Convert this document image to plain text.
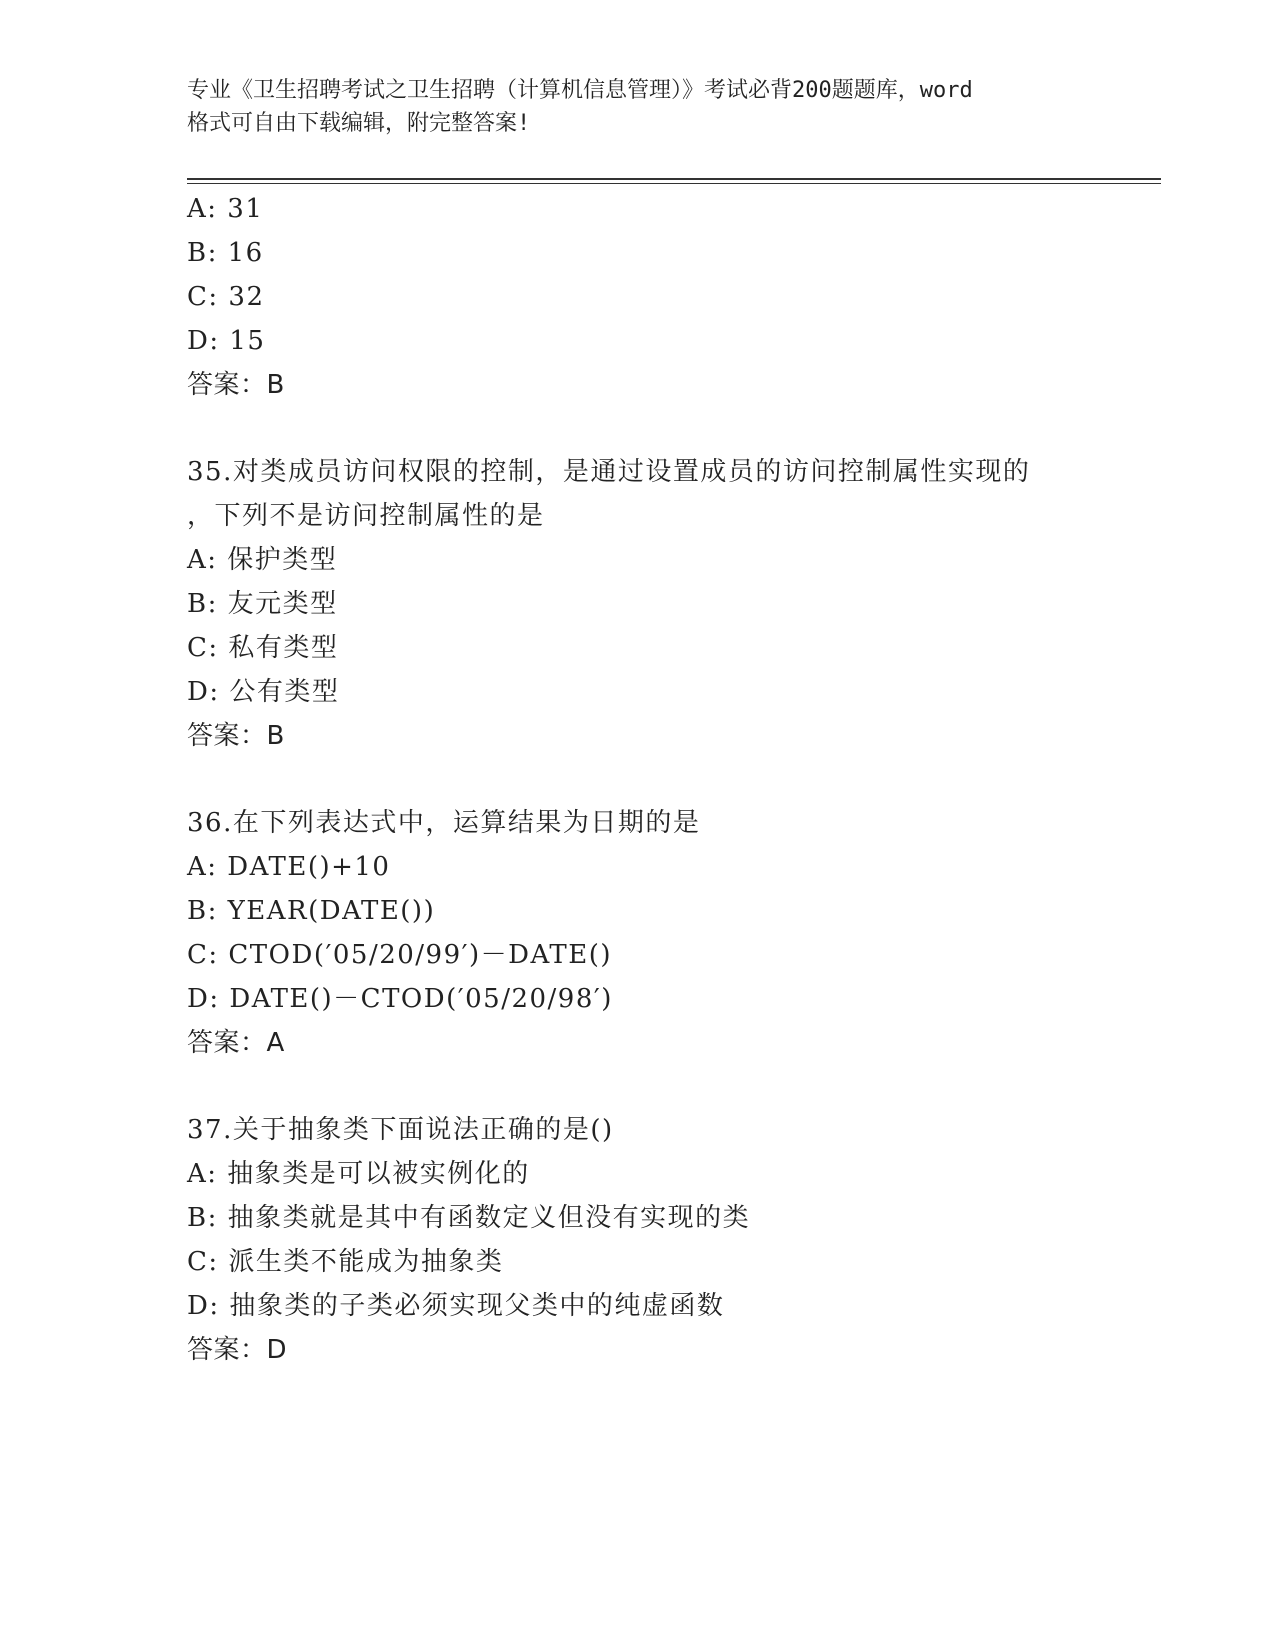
专业《卫生招聘考试之卫生招聘（计算机信息管理）》考试必背200题题库，word
格式可自由下载编辑，附完整答案!
A: 31
B: 16
C: 32
D: 15
答案：B
35.对类成员访问权限的控制，是通过设置成员的访问控制属性实现的
，下列不是访问控制属性的是
A: 保护类型
B: 友元类型
C: 私有类型
D: 公有类型
答案：B
36.在下列表达式中，运算结果为日期的是
A: DATE()+10
B: YEAR(DATE())
C: CTOD(′05/20/99′)－DATE()
D: DATE()－CTOD(′05/20/98′)
答案：A
37.关于抽象类下面说法正确的是()
A: 抽象类是可以被实例化的
B: 抽象类就是其中有函数定义但没有实现的类
C: 派生类不能成为抽象类
D: 抽象类的子类必须实现父类中的纯虚函数
答案：D
